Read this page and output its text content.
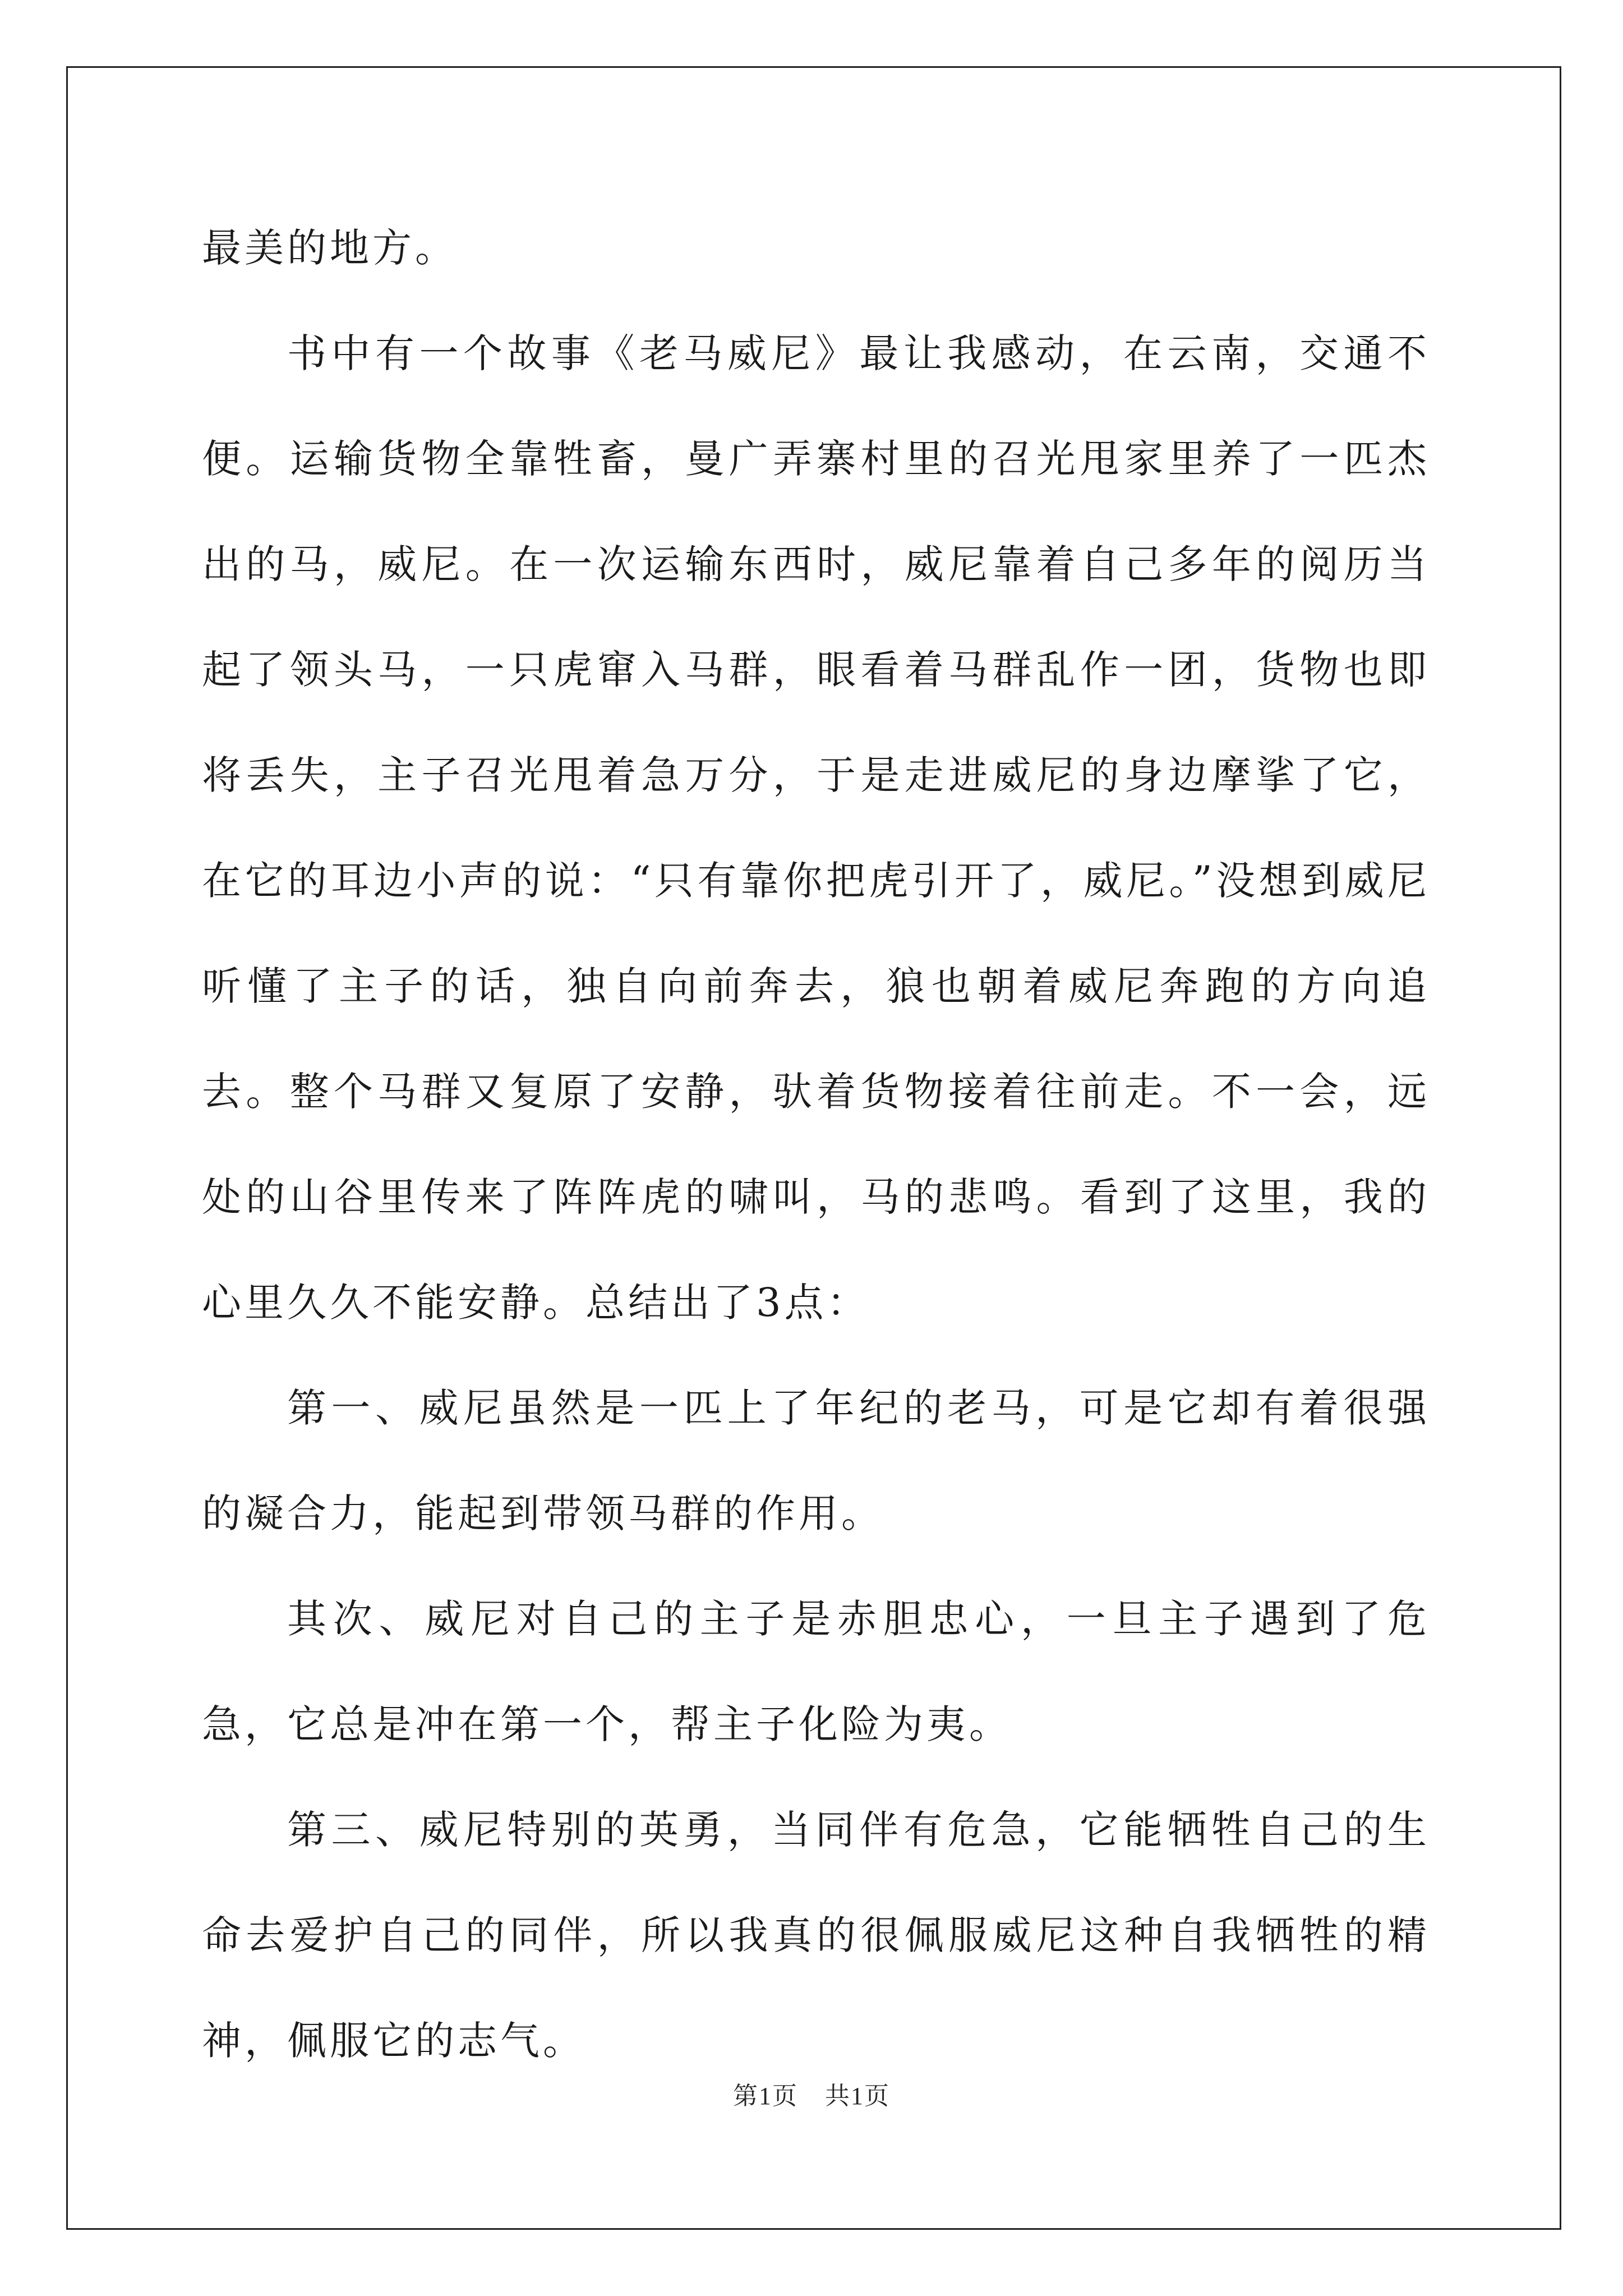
最美的地方。

书中有一个故事《老马威尼》最让我感动，在云南，交通不便。运输货物全靠牲畜，曼广弄寨村里的召光甩家里养了一匹杰出的马，威尼。在一次运输东西时，威尼靠着自己多年的阅历当起了领头马，一只虎窜入马群，眼看着马群乱作一团，货物也即将丢失，主子召光甩着急万分，于是走进威尼的身边摩挲了它，在它的耳边小声的说：“只有靠你把虎引开了，威尼。”没想到威尼听懂了主子的话，独自向前奔去，狼也朝着威尼奔跑的方向追去。整个马群又复原了安静，驮着货物接着往前走。不一会，远处的山谷里传来了阵阵虎的啸叫，马的悲鸣。看到了这里，我的心里久久不能安静。总结出了3点：

第一、威尼虽然是一匹上了年纪的老马，可是它却有着很强的凝合力，能起到带领马群的作用。

其次、威尼对自己的主子是赤胆忠心，一旦主子遇到了危急，它总是冲在第一个，帮主子化险为夷。

第三、威尼特别的英勇，当同伴有危急，它能牺牲自己的生命去爱护自己的同伴，所以我真的很佩服威尼这种自我牺牲的精神，佩服它的志气。

第1页 共1页
